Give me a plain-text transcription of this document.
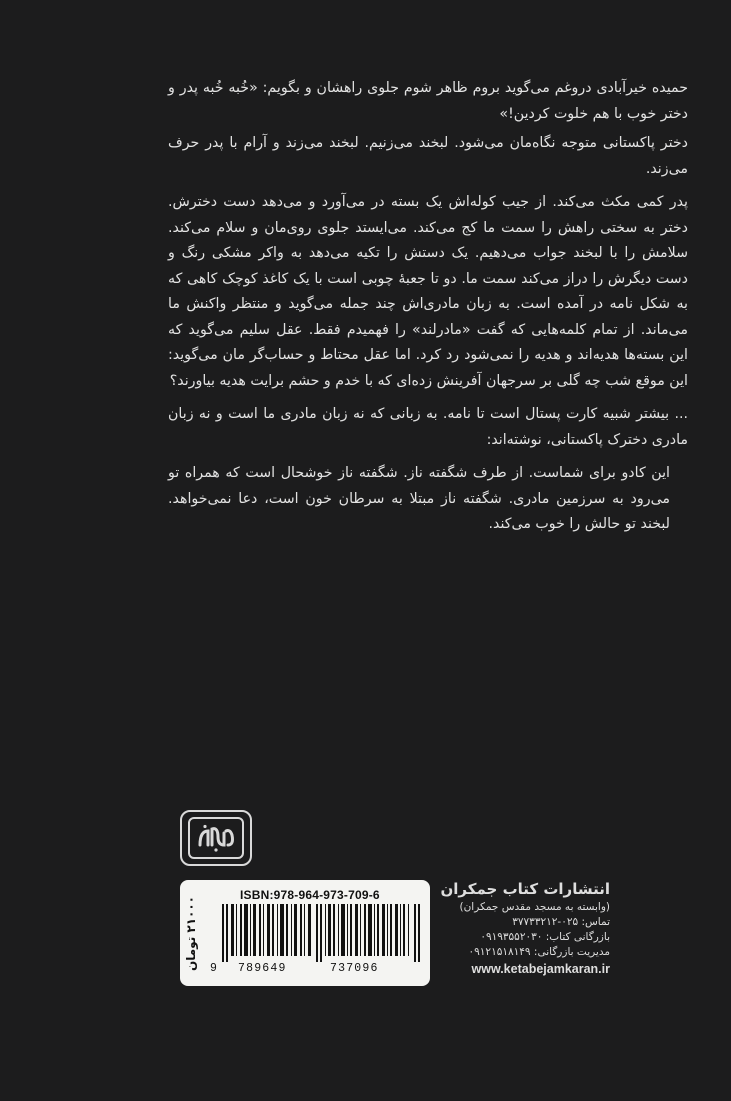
حمیده خیرآبادی دروغم می‌گوید بروم ظاهر شوم جلوی راهشان و بگویم: «خُبه خُبه پدر و دختر خوب با هم خلوت کردین!»

دختر پاکستانی متوجه نگاه‌مان می‌شود. لبخند می‌زنیم. لبخند می‌زند و آرام با پدر حرف می‌زند.

پدر کمی مکث می‌کند. از جیب کوله‌اش یک بسته در می‌آورد و می‌دهد دست دخترش. دختر به سختی راهش را سمت ما کج می‌کند. می‌ایستد جلوی روی‌مان و سلام می‌کند. سلامش را با لبخند جواب می‌دهیم. یک دستش را تکیه می‌دهد به واکر مشکی رنگ و دست دیگرش را دراز می‌کند سمت ما. دو تا جعبهٔ چوبی است با یک کاغذ کوچک کاهی که به شکل نامه در آمده است. به زبان مادری‌اش چند جمله می‌گوید و منتظر واکنش ما می‌ماند. از تمام کلمه‌هایی که گفت «مادرلند» را فهمیدم فقط. عقل سلیم می‌گوید که این بسته‌ها هدیه‌اند و هدیه را نمی‌شود رد کرد. اما عقل محتاط و حساب‌گر مان می‌گوید: این موقع شب چه گلی بر سرجهان آفرینش زده‌ای که با خدم و حشم برایت هدیه بیاورند؟

... بیشتر شبیه کارت پستال است تا نامه. به زبانی که نه زبان مادری ما است و نه زبان مادری دخترک پاکستانی، نوشته‌اند:

این کادو برای شماست. از طرف شگفته ناز. شگفته ناز خوشحال است که همراه تو می‌رود به سرزمین مادری. شگفته ناز مبتلا به سرطان خون است، دعا نمی‌خواهد. لبخند تو حالش را خوب می‌کند.

۲۱۰۰۰ تومان
ISBN:978-964-973-709-6
9 789649	737096

انتشارات کتاب جمکران

(وابسته به مسجد مقدس جمکران)

تماس: ۰۲۵-۳۷۷۳۳۲۱۲

بازرگانی کتاب: ۰۹۱۹۳۵۵۲۰۳۰

مدیریت بازرگانی: ۰۹۱۲۱۵۱۸۱۴۹

www.ketabejamkaran.ir
